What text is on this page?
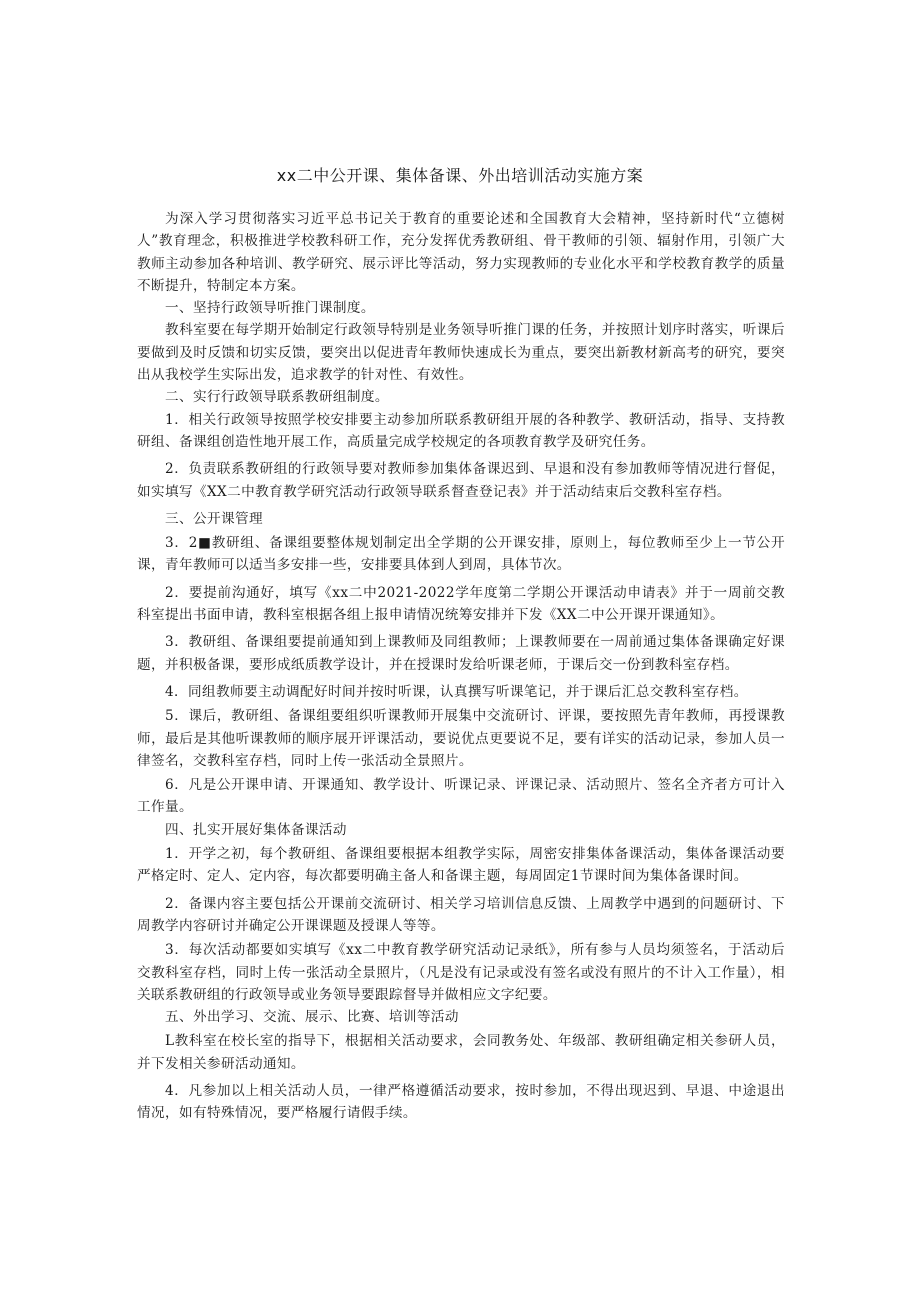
xx二中公开课、集体备课、外出培训活动实施方案

为深入学习贯彻落实习近平总书记关于教育的重要论述和全国教育大会精神，坚持新时代“立德树人”教育理念，积极推进学校教科研工作，充分发挥优秀教研组、骨干教师的引领、辐射作用，引领广大教师主动参加各种培训、教学研究、展示评比等活动，努力实现教师的专业化水平和学校教育教学的质量不断提升，特制定本方案。

一、坚持行政领导听推门课制度。

教科室要在每学期开始制定行政领导特别是业务领导听推门课的任务，并按照计划序时落实，听课后要做到及时反馈和切实反馈，要突出以促进青年教师快速成长为重点，要突出新教材新高考的研究，要突出从我校学生实际出发，追求教学的针对性、有效性。

二、实行行政领导联系教研组制度。

1．相关行政领导按照学校安排要主动参加所联系教研组开展的各种教学、教研活动，指导、支持教研组、备课组创造性地开展工作，高质量完成学校规定的各项教育教学及研究任务。

2．负责联系教研组的行政领导要对教师参加集体备课迟到、早退和没有参加教师等情况进行督促，如实填写《XX二中教育教学研究活动行政领导联系督查登记表》并于活动结束后交教科室存档。

三、公开课管理

3．2■教研组、备课组要整体规划制定出全学期的公开课安排，原则上，每位教师至少上一节公开课，青年教师可以适当多安排一些，安排要具体到人到周，具体节次。

2．要提前沟通好，填写《xx二中2021-2022学年度第二学期公开课活动申请表》并于一周前交教科室提出书面申请，教科室根据各组上报申请情况统筹安排并下发《XX二中公开课开课通知》。

3．教研组、备课组要提前通知到上课教师及同组教师；上课教师要在一周前通过集体备课确定好课题，并积极备课，要形成纸质教学设计，并在授课时发给听课老师，于课后交一份到教科室存档。

4．同组教师要主动调配好时间并按时听课，认真撰写听课笔记，并于课后汇总交教科室存档。

5．课后，教研组、备课组要组织听课教师开展集中交流研讨、评课，要按照先青年教师，再授课教师，最后是其他听课教师的顺序展开评课活动，要说优点更要说不足，要有详实的活动记录，参加人员一律签名，交教科室存档，同时上传一张活动全景照片。

6．凡是公开课申请、开课通知、教学设计、听课记录、评课记录、活动照片、签名全齐者方可计入工作量。

四、扎实开展好集体备课活动

1．开学之初，每个教研组、备课组要根据本组教学实际，周密安排集体备课活动，集体备课活动要严格定时、定人、定内容，每次都要明确主备人和备课主题，每周固定1节课时间为集体备课时间。

2．备课内容主要包括公开课前交流研讨、相关学习培训信息反馈、上周教学中遇到的问题研讨、下周教学内容研讨并确定公开课课题及授课人等等。

3．每次活动都要如实填写《xx二中教育教学研究活动记录纸》，所有参与人员均须签名，于活动后交教科室存档，同时上传一张活动全景照片，（凡是没有记录或没有签名或没有照片的不计入工作量），相关联系教研组的行政领导或业务领导要跟踪督导并做相应文字纪要。

五、外出学习、交流、展示、比赛、培训等活动

L教科室在校长室的指导下，根据相关活动要求，会同教务处、年级部、教研组确定相关参研人员，并下发相关参研活动通知。

4．凡参加以上相关活动人员，一律严格遵循活动要求，按时参加，不得出现迟到、早退、中途退出情况，如有特殊情况，要严格履行请假手续。
